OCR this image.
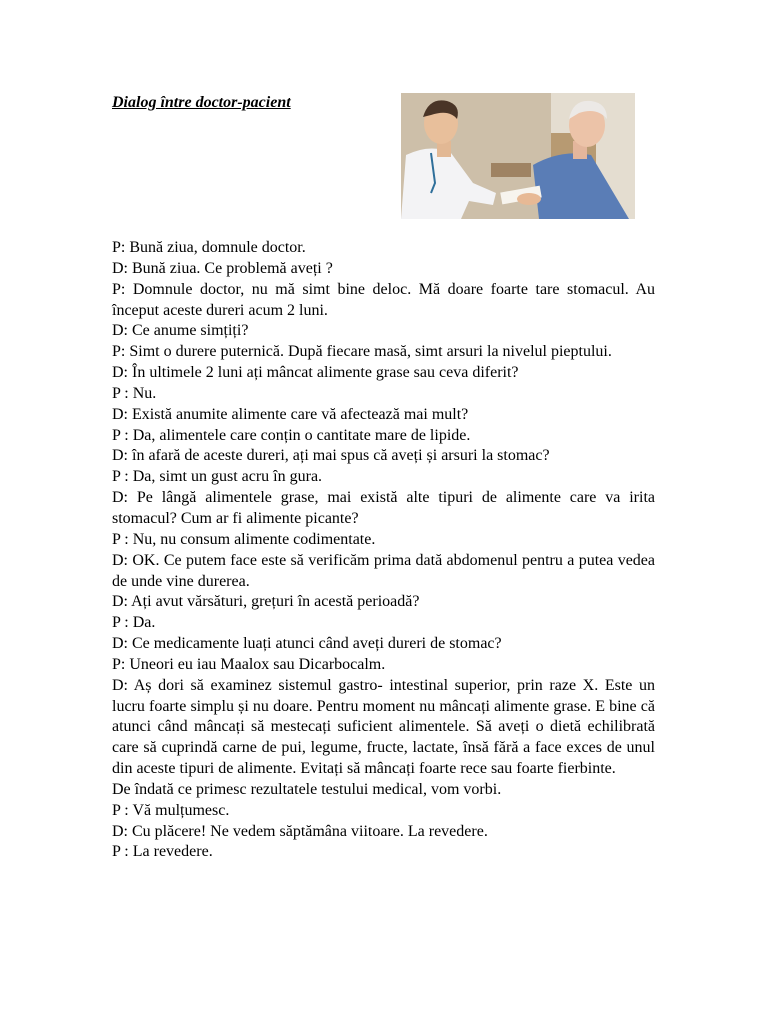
Dialog între doctor-pacient

P: Bună ziua, domnule doctor.

D: Bună ziua. Ce problemă aveți ?

P: Domnule doctor, nu mă simt bine deloc. Mă doare foarte tare stomacul. Au început aceste dureri acum 2 luni.

D: Ce anume simțiți?

P: Simt o durere puternică. După fiecare masă, simt arsuri la nivelul pieptului.

D: În ultimele 2 luni ați mâncat alimente grase sau ceva diferit?

P : Nu.

D: Există anumite alimente care vă afectează mai mult?

P : Da, alimentele care conțin o cantitate mare de lipide.

D: în afară de aceste dureri, ați mai spus că aveți și arsuri la stomac?

P : Da, simt un gust acru în gura.

D: Pe lângă alimentele grase, mai există alte tipuri de alimente care va irita stomacul? Cum ar fi alimente picante?

P : Nu, nu consum alimente codimentate.

D: OK. Ce putem face este să verificăm prima dată abdomenul pentru a putea vedea de unde vine durerea.

D: Ați avut vărsături, grețuri în acestă perioadă?

P : Da.

D: Ce medicamente luați atunci când aveți dureri de stomac?

P: Uneori eu iau Maalox sau Dicarbocalm.

D: Aș dori să examinez sistemul gastro- intestinal superior, prin raze X. Este un lucru foarte simplu și nu doare. Pentru moment nu mâncați alimente grase. E bine că atunci când mâncați să mestecați suficient alimentele. Să aveți o dietă echilibrată care să cuprindă carne de pui, legume, fructe, lactate, însă fără a face exces de unul din aceste tipuri de alimente. Evitați să mâncați foarte rece sau foarte fierbinte.

De îndată ce primesc rezultatele testului medical, vom vorbi.

P : Vă mulțumesc.

D: Cu plăcere! Ne vedem săptămâna viitoare. La revedere.

P : La revedere.
